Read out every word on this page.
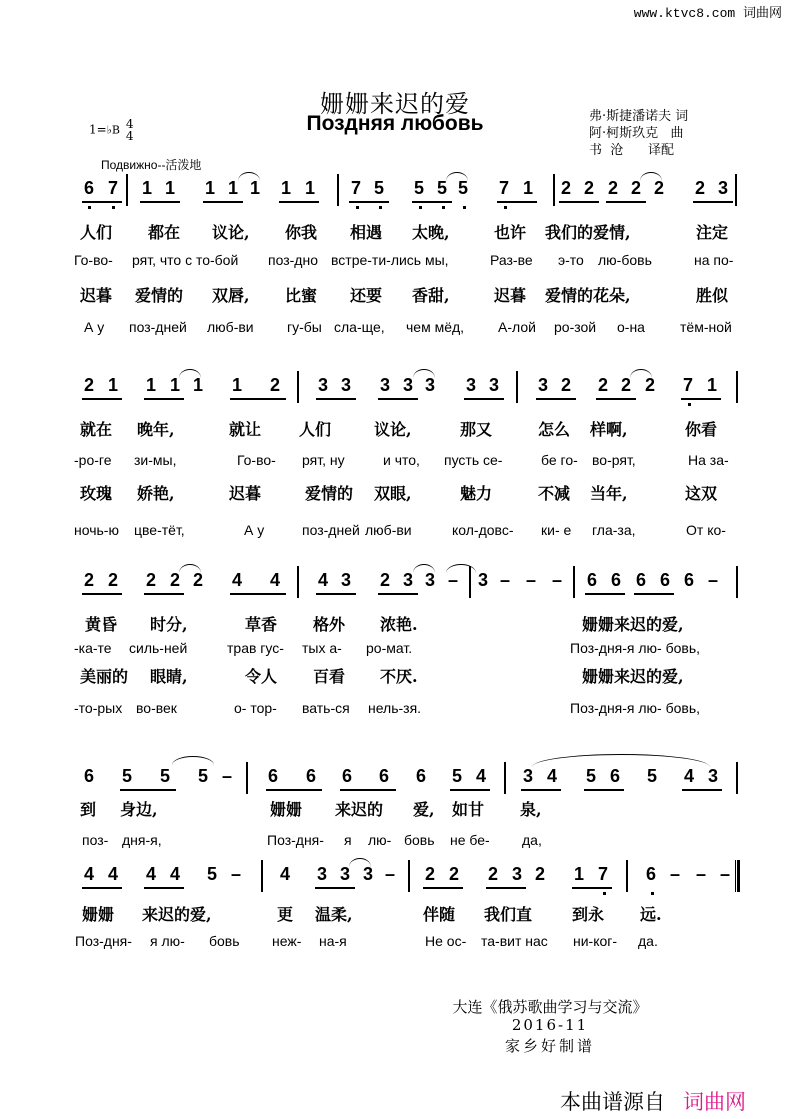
www.ktvc8.com 词曲网
姗姗来迟的爱
Поздняя любовь	弗·斯捷潘诺夫 词
阿·柯斯玖克   曲
书  沧      译配
1=♭B 4
4
Подвижно--活泼地
6 7 1 1 1 1 1 1 1 7 5 5 5 5 7 1 2 2 2 2 2 2 3
人们 都在 议论, 你我 相遇 太晚,	也许 我们的爱情,	注定
Го-во- рят, что с то-бой поз-дно встре-ти-лись мы,	Раз-ве э-то лю-бовь	на по-
迟暮 爱情的 双唇, 比蜜 还要 香甜,	迟暮 爱情的花朵,	胜似
А у поз-дней люб-ви гу-бы сла-ще, чем мёд, А-лой ро-зой о-на	тём-ной
2 1 1 1 1 1 2 3 3 3 3 3 3 3 3 2 2 2 2 7 1
就在 晚年,	就让 人们	议论,	那又	怎么 样啊,	你看
-ро-ге зи-мы,	Го-во- рят, ну	и что, пусть се-	бе го- во-рят,	На за-
玫瑰 娇艳,	迟暮	爱情的 双眼,	魅力	不减 当年,	这双
ночь-ю цве-тёт,	А у	поз-дней люб-ви	кол-довс- ки- е гла-за,	От ко-
2 2 2 2 2 4 4 4 3 2 3 3 – 3 – – – 6 6 6 6 6 –
黄昏 时分,	草香 格外 浓艳.	姗姗来迟的爱,
-ка-те силь-ней	трав гус- тых а- ро-мат.	Поз-дня-я лю- бовь,
美丽的 眼睛,	令人 百看 不厌.	姗姗来迟的爱,
-то-рых во-век	о- тор- вать-ся нель-зя.	Поз-дня-я лю- бовь,
6 5 5 5 – 6 6 6 6 6 5 4 3 4 5 6 5 4 3
到 身边,	姗姗 来迟的 爱, 如甘 泉,
поз- дня-я,	Поз-дня- я лю- бовь не бе- да,
4 4 4 4 5 – 4 3 3 3 – 2 2 2 3 2 1 7 6 – – –
姗姗 来迟的爱,	更 温柔,	伴随 我们直 到永 远.
Поз-дня- я лю- бовь неж- на-я	Не ос- та-вит нас ни-ког- да.
大连《俄苏歌曲学习与交流》
2016-11
家乡好制谱
本曲谱源自 词曲网
